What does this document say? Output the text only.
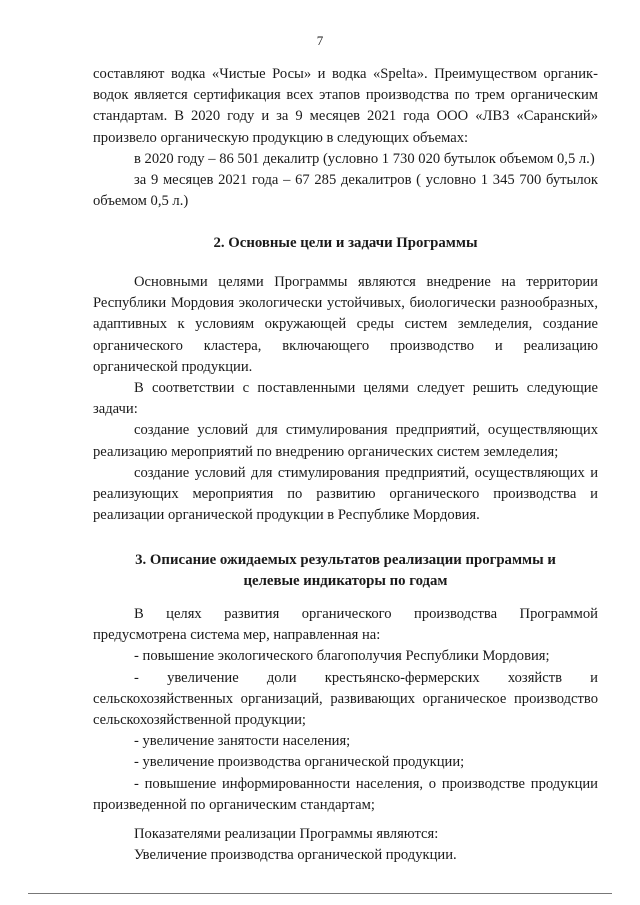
7

составляют водка «Чистые Росы» и водка «Spelta». Преимуществом органик-водок является сертификация всех этапов производства по трем органическим стандартам. В 2020 году и за 9 месяцев 2021 года ООО «ЛВЗ «Саранский» произвело органическую продукцию в следующих объемах:

в 2020 году – 86 501 декалитр (условно 1 730 020 бутылок объемом 0,5 л.)

за 9 месяцев 2021 года – 67 285 декалитров ( условно 1 345 700 бутылок объемом 0,5 л.)

2. Основные цели и задачи Программы

Основными целями Программы являются внедрение на территории Республики Мордовия экологически устойчивых, биологически разнообразных, адаптивных к условиям окружающей среды систем земледелия, создание органического кластера, включающего производство и реализацию органической продукции.

В соответствии с поставленными целями следует решить следующие задачи:

создание условий для стимулирования предприятий, осуществляющих реализацию мероприятий по внедрению органических систем земледелия;

создание условий для стимулирования предприятий, осуществляющих и реализующих мероприятия по развитию органического производства и реализации органической продукции в Республике Мордовия.

3. Описание ожидаемых результатов реализации программы и
целевые индикаторы по годам

В целях развития органического производства Программой предусмотрена система мер, направленная на:

- повышение экологического благополучия Республики Мордовия;

- увеличение доли крестьянско-фермерских хозяйств и сельскохозяйственных организаций, развивающих органическое производство сельскохозяйственной продукции;

- увеличение занятости населения;

- увеличение производства органической продукции;

- повышение информированности населения, о производстве продукции произведенной по органическим стандартам;

Показателями реализации Программы являются:

Увеличение производства органической продукции.
